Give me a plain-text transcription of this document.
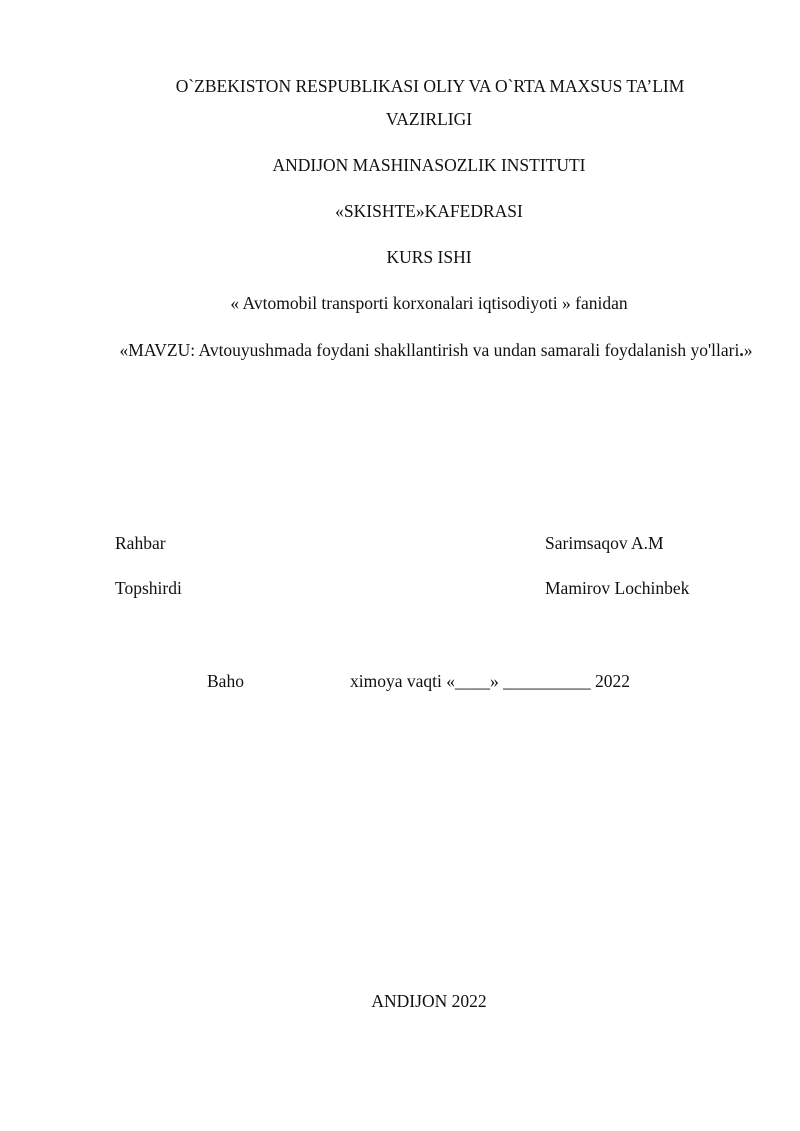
O`ZBEKISTON RESPUBLIKASI OLIY VA O`RTA MAXSUS TA’LIM
VAZIRLIGI
ANDIJON MASHINASOZLIK INSTITUTI
«SKISHTE»KAFEDRASI
KURS ISHI
« Avtomobil transporti korxonalari iqtisodiyoti » fanidan
«MAVZU: Avtouyushmada foydani shakllantirish va undan samarali foydalanish yo'llari.»
Rahbar	Sarimsaqov A.M
Topshirdi	Mamirov Lochinbek
Baho	ximoya vaqti «____» __________ 2022
ANDIJON 2022
